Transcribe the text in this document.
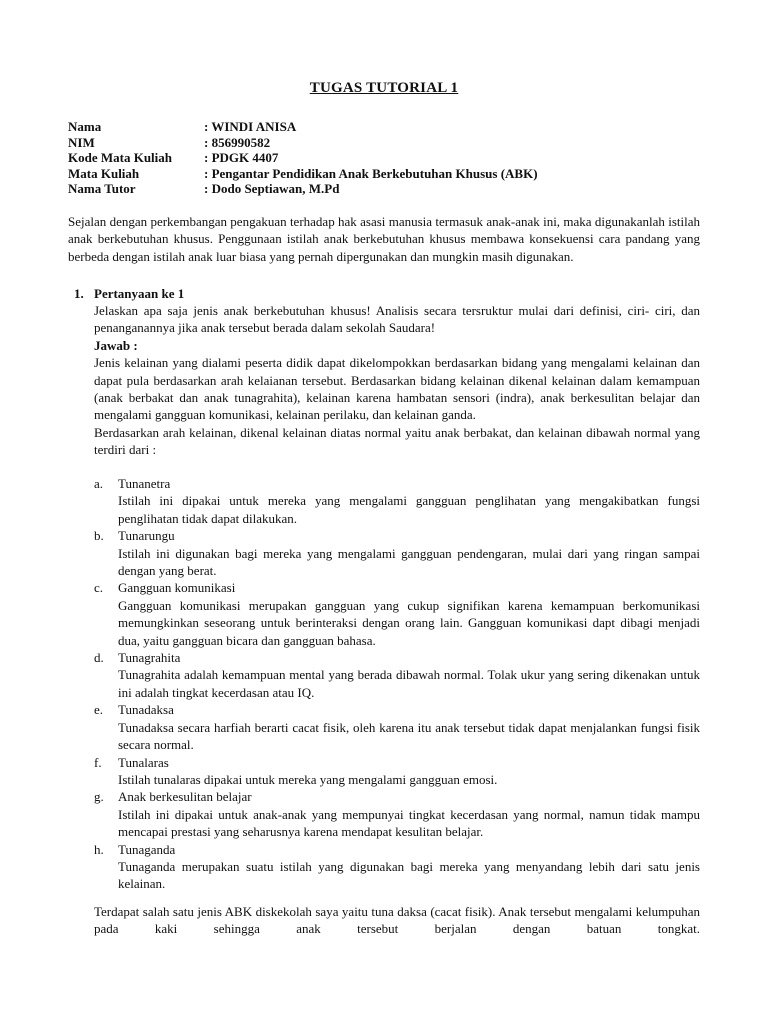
TUGAS TUTORIAL 1
Nama	: WINDI ANISA
NIM	: 856990582
Kode Mata Kuliah	: PDGK 4407
Mata Kuliah	: Pengantar Pendidikan Anak Berkebutuhan Khusus (ABK)
Nama Tutor	: Dodo Septiawan, M.Pd

Sejalan dengan perkembangan pengakuan terhadap hak asasi manusia termasuk anak-anak ini, maka digunakanlah istilah anak berkebutuhan khusus. Penggunaan istilah anak berkebutuhan khusus membawa konsekuensi cara pandang yang berbeda dengan istilah anak luar biasa yang pernah dipergunakan dan mungkin masih digunakan.

1. Pertanyaan ke 1
Jelaskan apa saja jenis anak berkebutuhan khusus! Analisis secara tersruktur mulai dari definisi, ciri- ciri, dan penanganannya jika anak tersebut berada dalam sekolah Saudara!
Jawab :
Jenis kelainan yang dialami peserta didik dapat dikelompokkan berdasarkan bidang yang mengalami kelainan dan dapat pula berdasarkan arah kelaianan tersebut. Berdasarkan bidang kelainan dikenal kelainan dalam kemampuan (anak berbakat dan anak tunagrahita), kelainan karena hambatan sensori (indra), anak berkesulitan belajar dan mengalami gangguan komunikasi, kelainan perilaku, dan kelainan ganda.
Berdasarkan arah kelainan, dikenal kelainan diatas normal yaitu anak berbakat, dan kelainan dibawah normal yang terdiri dari :
a.	Tunanetra
Istilah ini dipakai untuk mereka yang mengalami gangguan penglihatan yang mengakibatkan fungsi penglihatan tidak dapat dilakukan.
b.	Tunarungu
Istilah ini digunakan bagi mereka yang mengalami gangguan pendengaran, mulai dari yang ringan sampai dengan yang berat.
c.	Gangguan komunikasi
Gangguan komunikasi merupakan gangguan yang cukup signifikan karena kemampuan berkomunikasi memungkinkan seseorang untuk berinteraksi dengan orang lain. Gangguan komunikasi dapt dibagi menjadi dua, yaitu gangguan bicara dan gangguan bahasa.
d.	Tunagrahita
Tunagrahita adalah kemampuan mental yang berada dibawah normal. Tolak ukur yang sering dikenakan untuk ini adalah tingkat kecerdasan atau IQ.
e.	Tunadaksa
Tunadaksa secara harfiah berarti cacat fisik, oleh karena itu anak tersebut tidak dapat menjalankan fungsi fisik secara normal.
f.	Tunalaras
Istilah tunalaras dipakai untuk mereka yang mengalami gangguan emosi.
g.	Anak berkesulitan belajar
Istilah ini dipakai untuk anak-anak yang mempunyai tingkat kecerdasan yang normal, namun tidak mampu mencapai prestasi yang seharusnya karena mendapat kesulitan belajar.
h.	Tunaganda
Tunaganda merupakan suatu istilah yang digunakan bagi mereka yang menyandang lebih dari satu jenis kelainan.

Terdapat salah satu jenis ABK diskekolah saya yaitu tuna daksa (cacat fisik). Anak tersebut mengalami kelumpuhan pada kaki sehingga anak tersebut berjalan dengan batuan tongkat.
